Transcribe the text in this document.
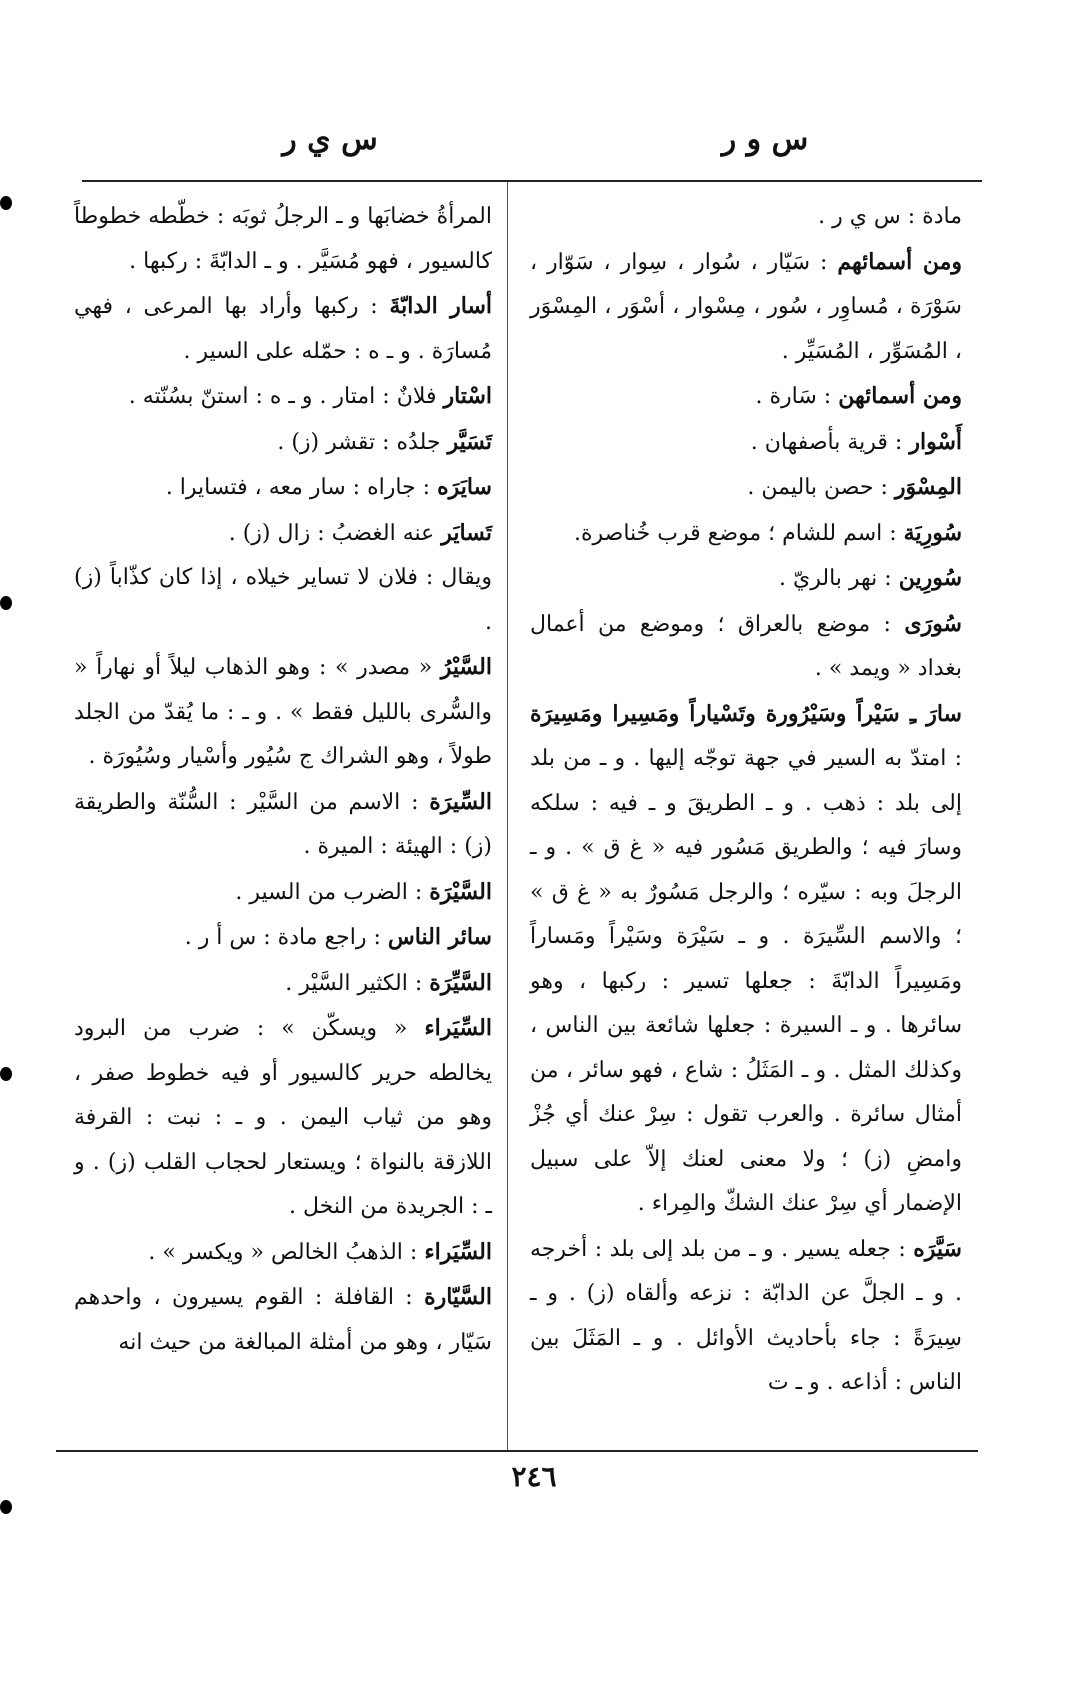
س و ر
س ي ر

مادة : س ي ر .

ومن أسمائهم : سَيّار ، سُوار ، سِوار ، سَوّار ، سَوْرَة ، مُساوِر ، سُور ، مِسْوار ، أسْوَر ، المِسْوَر ، المُسَوِّر ، المُسَيِّر .

ومن أسمائهن : سَارة .

أَسْوار : قرية بأصفهان .

المِسْوَر : حصن باليمن .

سُورِيَة : اسم للشام ؛ موضع قرب خُناصرة.

سُورِين : نهر بالريّ .

سُورَى : موضع بالعراق ؛ وموضع من أعمال بغداد « ويمد » .

سارَ ـِ سَيْراً وسَيْرُورة وتَسْياراً ومَسِيرا ومَسِيرَة : امتدّ به السير في جهة توجّه إليها . و ـ من بلد إلى بلد : ذهب . و ـ الطريقَ و ـ فيه : سلكه وسارَ فيه ؛ والطريق مَسُور فيه « غ ق » . و ـ الرجلَ وبه : سيّره ؛ والرجل مَسُورٌ به « غ ق » ؛ والاسم السِّيرَة . و ـ سَيْرَة وسَيْراً ومَساراً ومَسِيراً الدابّةَ : جعلها تسير : ركبها ، وهو سائرها . و ـ السيرة : جعلها شائعة بين الناس ، وكذلك المثل . و ـ المَثَلُ : شاع ، فهو سائر ، من أمثال سائرة . والعرب تقول : سِرْ عنك أي جُزْ وامضِ (ز) ؛ ولا معنى لعنك إلاّ على سبيل الإضمار أي سِرْ عنك الشكّ والمِراء .

سَيَّرَه : جعله يسير . و ـ من بلد إلى بلد : أخرجه . و ـ الجلَّ عن الدابّة : نزعه وألقاه (ز) . و ـ سِيرَةً : جاء بأحاديث الأوائل . و ـ المَثَلَ بين الناس : أذاعه . و ـ ت

المرأةُ خضابَها و ـ الرجلُ ثوبَه : خطّطه خطوطاً كالسيور ، فهو مُسَيَّر . و ـ الدابّةَ : ركبها .

أسار الدابّةَ : ركبها وأراد بها المرعى ، فهي مُسارَة . و ـ ه : حمّله على السير .

اسْتار فلانٌ : امتار . و ـ ه : استنّ بسُنّته .

تَسَيَّر جلدُه : تقشر (ز) .

سايَرَه : جاراه : سار معه ، فتسايرا .

تَسايَر عنه الغضبُ : زال (ز) .

ويقال : فلان لا تساير خيلاه ، إذا كان كذّاباً (ز) .

السَّيْرُ « مصدر » : وهو الذهاب ليلاً أو نهاراً « والسُّرى بالليل فقط » . و ـ : ما يُقدّ من الجلد طولاً ، وهو الشراك ج سُيُور وأسْيار وسُيُورَة .

السِّيرَة : الاسم من السَّيْر : السُّنّة والطريقة (ز) : الهيئة : الميرة .

السَّيْرَة : الضرب من السير .

سائر الناس : راجع مادة : س أ ر .

السَّيِّرَة : الكثير السَّيْر .

السِّيَراء « ويسكّن » : ضرب من البرود يخالطه حرير كالسيور أو فيه خطوط صفر ، وهو من ثياب اليمن . و ـ : نبت : القرفة اللازقة بالنواة ؛ ويستعار لحجاب القلب (ز) . و ـ : الجريدة من النخل .

السِّيَراء : الذهبُ الخالص « ويكسر » .

السَّيّارة : القافلة : القوم يسيرون ، واحدهم سَيّار ، وهو من أمثلة المبالغة من حيث انه

٢٤٦
